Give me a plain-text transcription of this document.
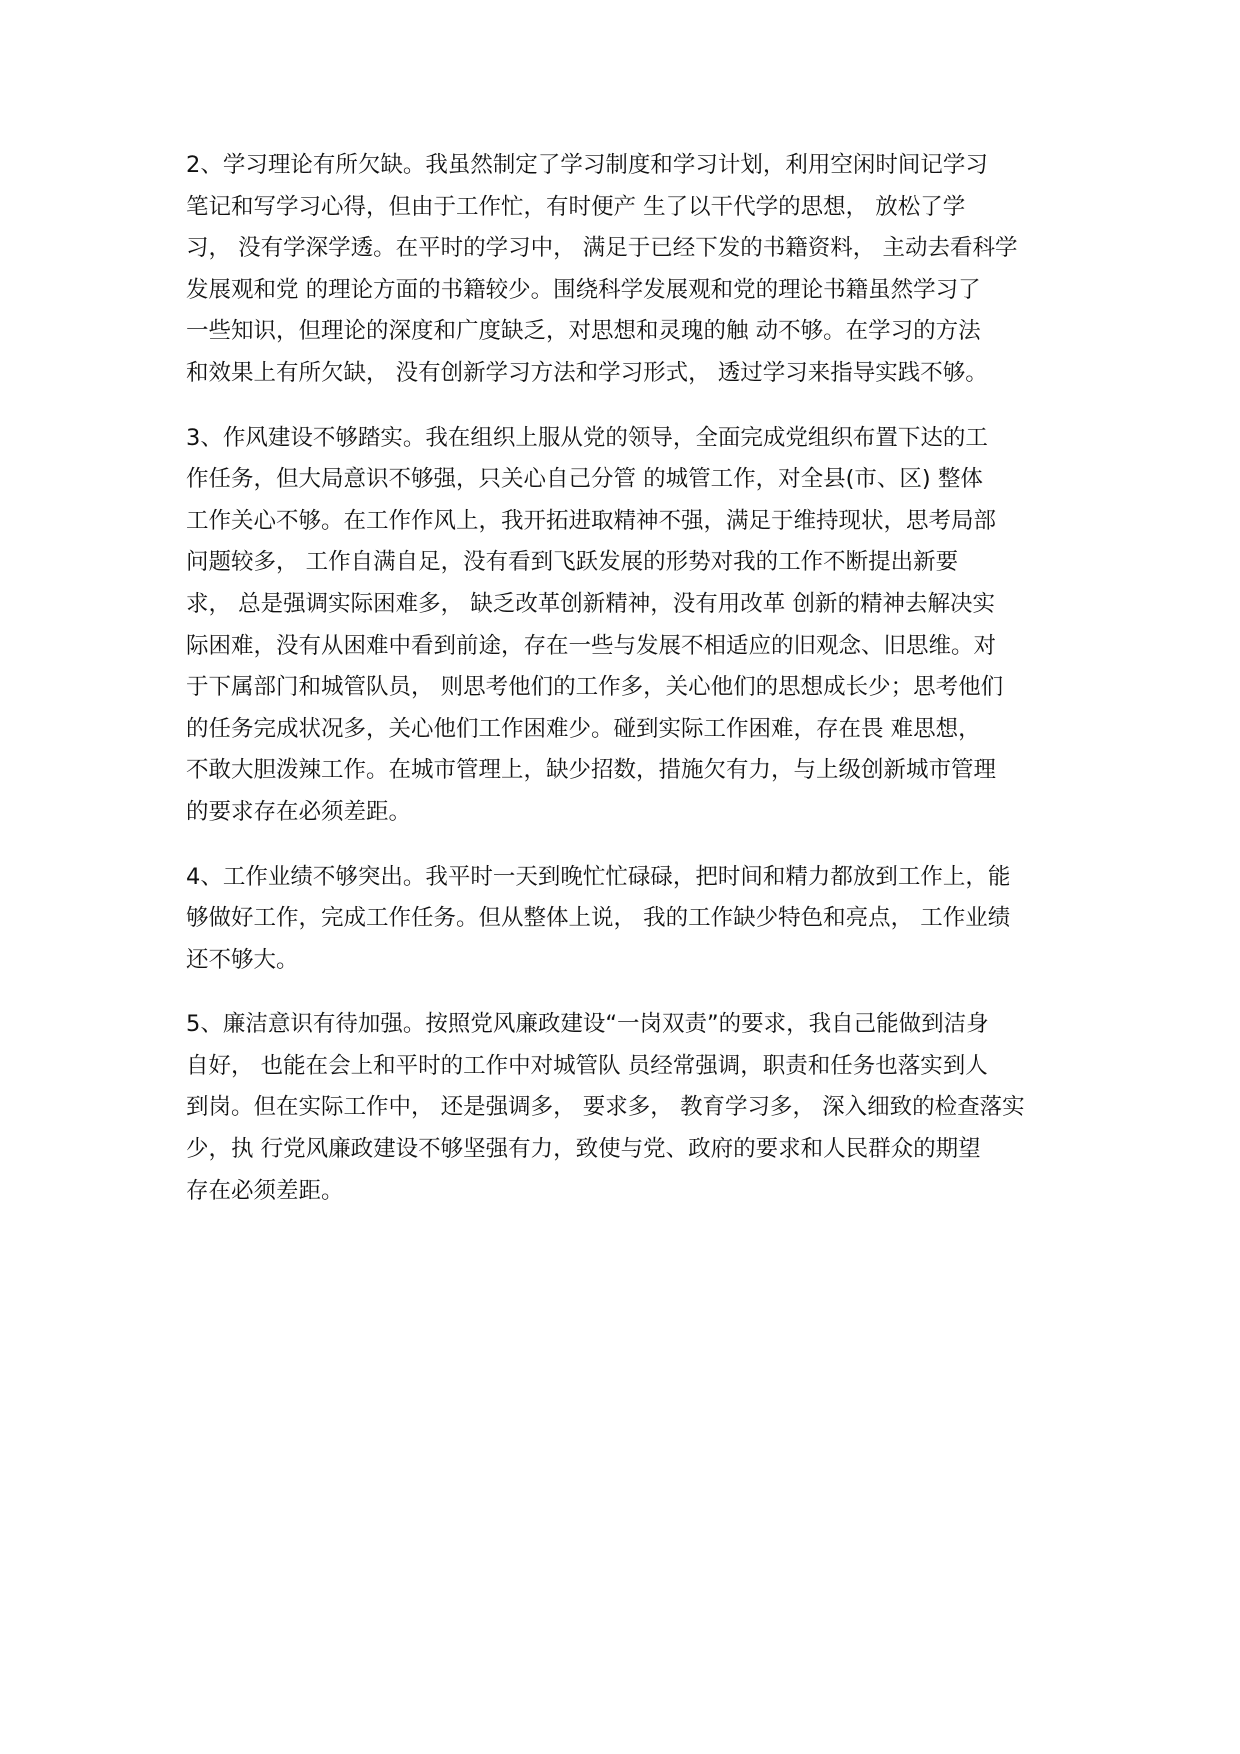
2、学习理论有所欠缺。我虽然制定了学习制度和学习计划，利用空闲时间记学习
笔记和写学习心得，但由于工作忙，有时便产 生了以干代学的思想， 放松了学
习， 没有学深学透。在平时的学习中， 满足于已经下发的书籍资料， 主动去看科学
发展观和党 的理论方面的书籍较少。围绕科学发展观和党的理论书籍虽然学习了
一些知识，但理论的深度和广度缺乏，对思想和灵瑰的触 动不够。在学习的方法
和效果上有所欠缺， 没有创新学习方法和学习形式， 透过学习来指导实践不够。

3、作风建设不够踏实。我在组织上服从党的领导，全面完成党组织布置下达的工
作任务，但大局意识不够强，只关心自己分管 的城管工作，对全县(市、区) 整体
工作关心不够。在工作作风上，我开拓进取精神不强，满足于维持现状，思考局部
问题较多， 工作自满自足，没有看到飞跃发展的形势对我的工作不断提出新要
求， 总是强调实际困难多， 缺乏改革创新精神，没有用改革 创新的精神去解决实
际困难，没有从困难中看到前途，存在一些与发展不相适应的旧观念、旧思维。对
于下属部门和城管队员， 则思考他们的工作多，关心他们的思想成长少；思考他们
的任务完成状况多，关心他们工作困难少。碰到实际工作困难，存在畏 难思想，
不敢大胆泼辣工作。在城市管理上，缺少招数，措施欠有力，与上级创新城市管理
的要求存在必须差距。

4、工作业绩不够突出。我平时一天到晚忙忙碌碌，把时间和精力都放到工作上，能
够做好工作，完成工作任务。但从整体上说， 我的工作缺少特色和亮点， 工作业绩
还不够大。

5、廉洁意识有待加强。按照党风廉政建设“一岗双责”的要求，我自己能做到洁身
自好， 也能在会上和平时的工作中对城管队 员经常强调，职责和任务也落实到人
到岗。但在实际工作中， 还是强调多， 要求多， 教育学习多， 深入细致的检查落实
少，执 行党风廉政建设不够坚强有力，致使与党、政府的要求和人民群众的期望
存在必须差距。
